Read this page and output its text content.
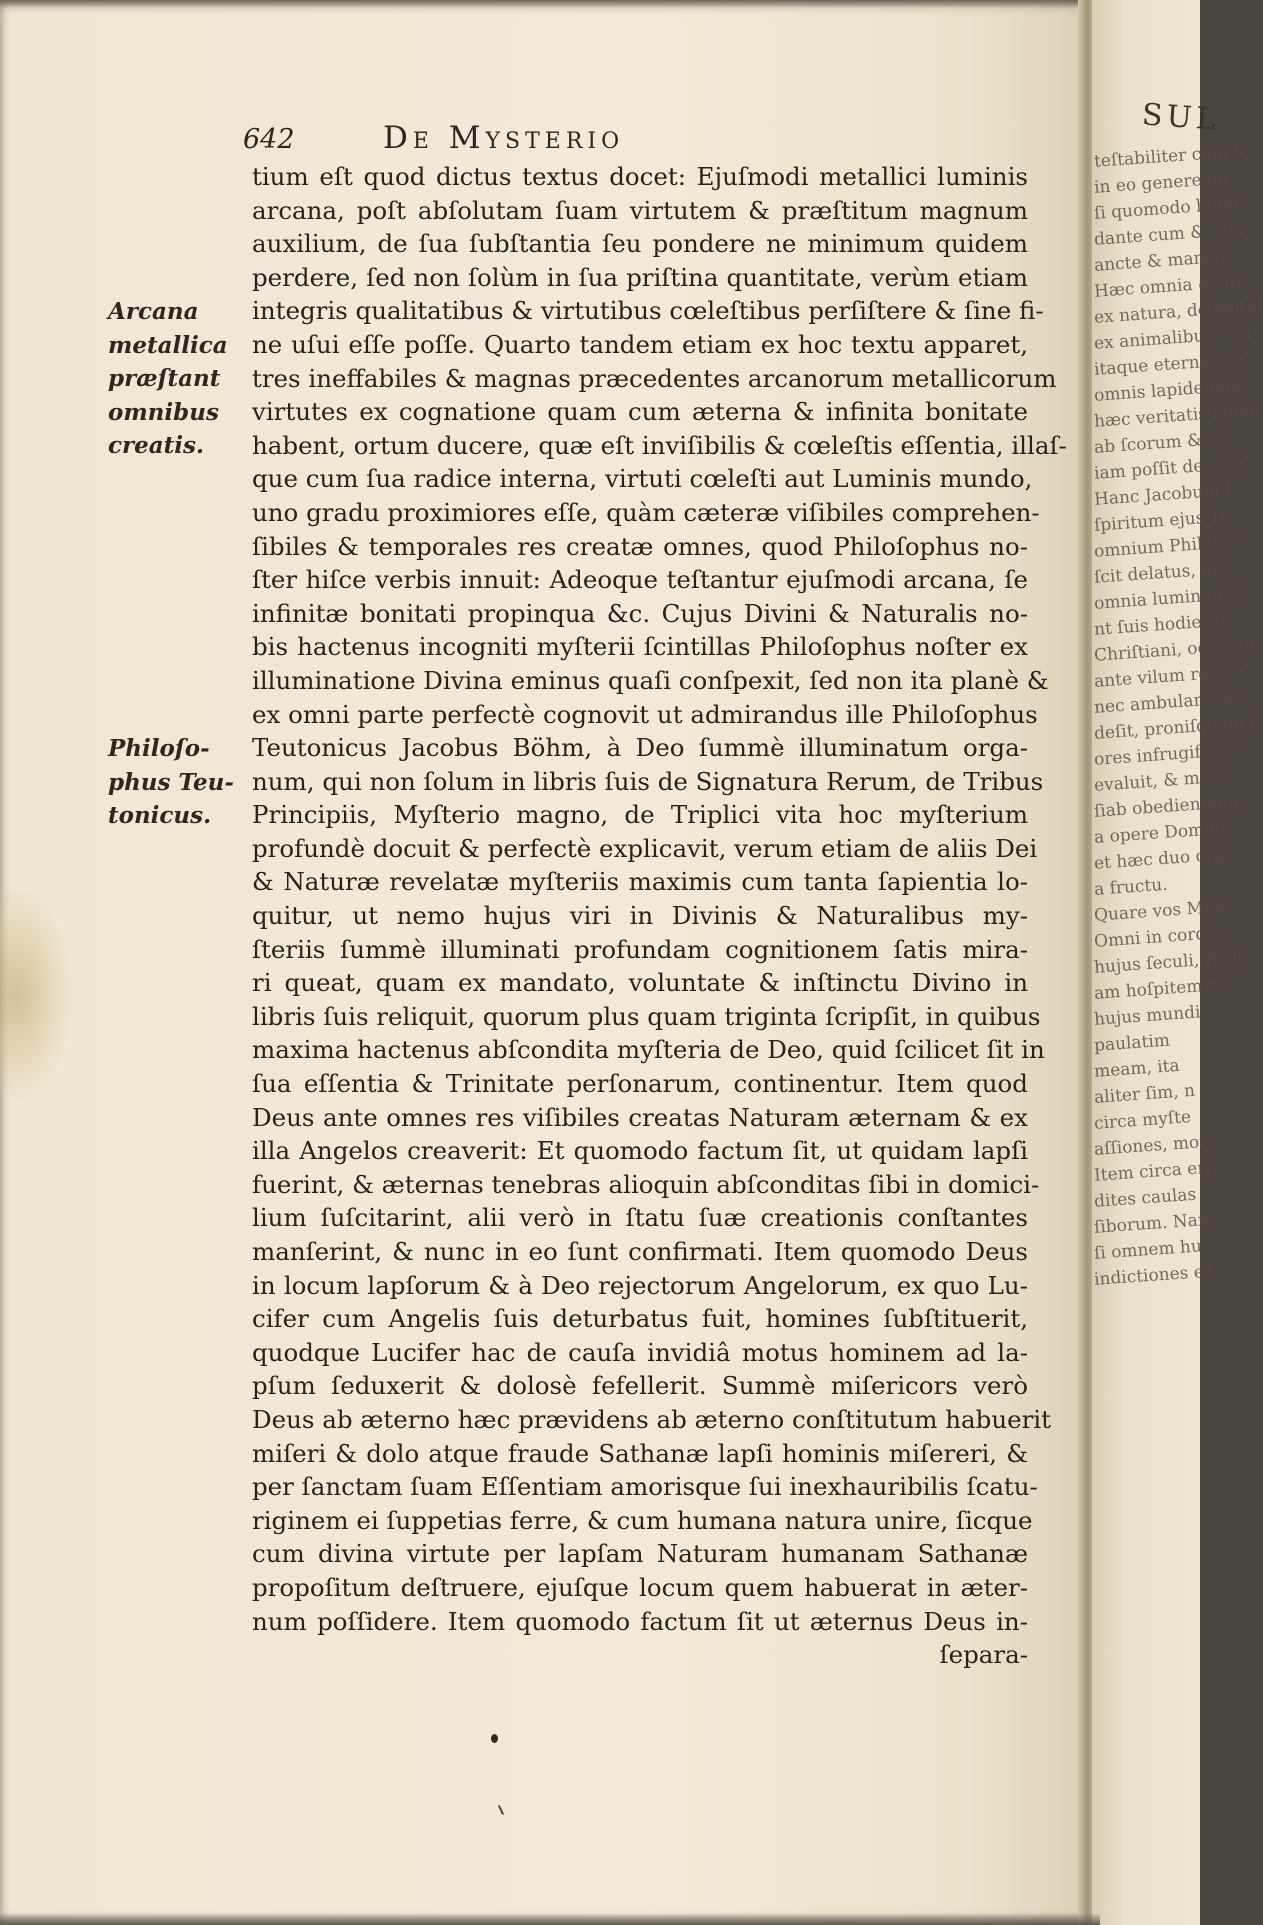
642	De Mysterio
Arcana
metallica
præſtant
omnibus
creatis.
Philoſo-
phus Teu-
tonicus.
tium eſt quod dictus textus docet: Ejuſmodi metallici luminis
arcana, poſt abſolutam ſuam virtutem & præſtitum magnum
auxilium, de ſua ſubſtantia ſeu pondere ne minimum quidem
perdere, ſed non ſolùm in ſua priſtina quantitate, verùm etiam
integris qualitatibus & virtutibus cœleſtibus perſiſtere & ſine fi-
ne uſui eſſe poſſe. Quarto tandem etiam ex hoc textu apparet,
tres ineffabiles & magnas præcedentes arcanorum metallicorum
virtutes ex cognatione quam cum æterna & infinita bonitate
habent, ortum ducere, quæ eſt inviſibilis & cœleſtis eſſentia, illaſ-
que cum ſua radice interna, virtuti cœleſti aut Luminis mundo,
uno gradu proximiores eſſe, quàm cæteræ viſibiles comprehen-
ſibiles & temporales res creatæ omnes, quod Philoſophus no-
ſter hiſce verbis innuit: Adeoque teſtantur ejuſmodi arcana, ſe
infinitæ bonitati propinqua &c. Cujus Divini & Naturalis no-
bis hactenus incogniti myſterii ſcintillas Philoſophus noſter ex
illuminatione Divina eminus quaſi conſpexit, ſed non ita planè &
ex omni parte perfectè cognovit ut admirandus ille Philoſophus
Teutonicus Jacobus Böhm, à Deo ſummè illuminatum orga-
num, qui non ſolum in libris ſuis de Signatura Rerum, de Tribus
Principiis, Myſterio magno, de Triplici vita hoc myſterium
profundè docuit & perfectè explicavit, verum etiam de aliis Dei
& Naturæ revelatæ myſteriis maximis cum tanta ſapientia lo-
quitur, ut nemo hujus viri in Divinis & Naturalibus my-
ſteriis ſummè illuminati profundam cognitionem ſatis mira-
ri queat, quam ex mandato, voluntate & inſtinctu Divino in
libris ſuis reliquit, quorum plus quam triginta ſcripſit, in quibus
maxima hactenus abſcondita myſteria de Deo, quid ſcilicet ſit in
ſua eſſentia & Trinitate perſonarum, continentur. Item quod
Deus ante omnes res viſibiles creatas Naturam æternam & ex
illa Angelos creaverit: Et quomodo factum ſit, ut quidam lapſi
fuerint, & æternas tenebras alioquin abſconditas ſibi in domici-
lium ſuſcitarint, alii verò in ſtatu ſuæ creationis conſtantes
manſerint, & nunc in eo ſunt confirmati. Item quomodo Deus
in locum lapſorum & à Deo rejectorum Angelorum, ex quo Lu-
cifer cum Angelis ſuis deturbatus fuit, homines ſubſtituerit,
quodque Lucifer hac de cauſa invidiâ motus hominem ad la-
pſum ſeduxerit & dolosè fefellerit. Summè miſericors verò
Deus ab æterno hæc prævidens ab æterno conſtitutum habuerit
miſeri & dolo atque fraude Sathanæ lapſi hominis miſereri, &
per ſanctam ſuam Eſſentiam amorisque ſui inexhauribilis ſcatu-
riginem ei ſuppetias ferre, & cum humana natura unire, ſicque
cum divina virtute per lapſam Naturam humanam Sathanæ
propoſitum deſtruere, ejuſque locum quem habuerat in æter-
num poſſidere. Item quomodo factum ſit ut æternus Deus in-
ſepara-
SUL
teſtabiliter cum h
in eo genere hu
ſi quomodo homi
dante cum & filiu
ancte & mancre
Hæc omnia & fin
ex natura, de metal
ex animalibus, Sol
itaque eternarum
omnis lapide ſapi
hæc veritatis aman
ab ſcorum & oc
iam poſſit delecta
Hanc Jacobum I
ſpiritum ejus Te
omnium Philoſop
ſcit delatus, mal
omnia lumina Deu
nt ſuis hodierni
Chriſtiani, occaſion
ante vilum recipe
nec ambulare, &
deſit, proniſquam h
ores infrugiferas
evaluit, & monit
ſiab obedientia a
a opere Domini
et hæc duo orga
a fructu.
Quare vos Med
Omni in corde v
hujus ſeculi, Philo
am hoſpitem mo
hujus mundi
paulatim
meam, ita
aliter ſim, n
circa myſte
aſſiones, mor
Item circa erro
dites caulas
ſiborum. Nam
ſi omnem hu
indictiones er
